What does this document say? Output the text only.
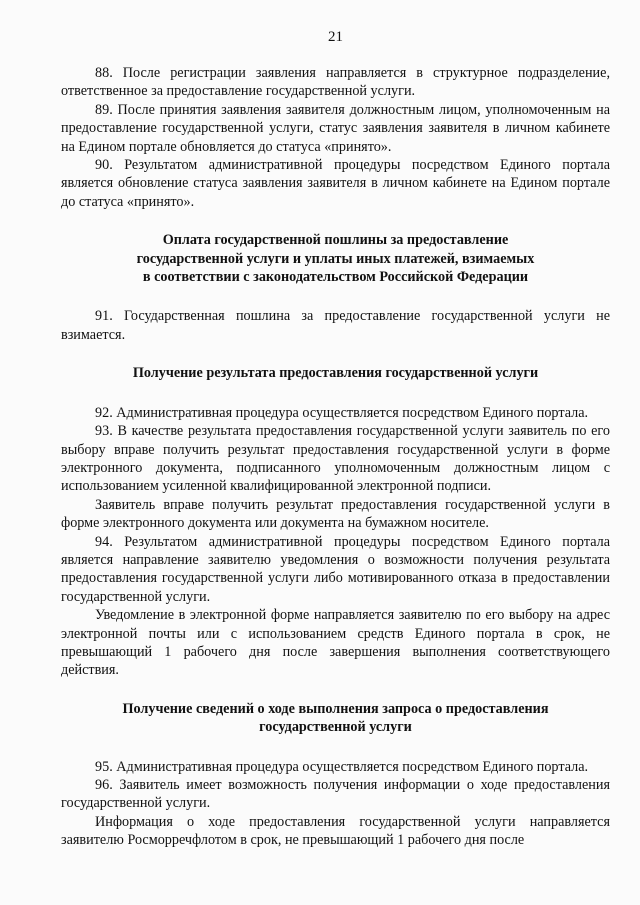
21

88. После регистрации заявления направляется в структурное подразделение, ответственное за предоставление государственной услуги.

89. После принятия заявления заявителя должностным лицом, уполномоченным на предоставление государственной услуги, статус заявления заявителя в личном кабинете на Едином портале обновляется до статуса «принято».

90. Результатом административной процедуры посредством Единого портала является обновление статуса заявления заявителя в личном кабинете на Едином портале до статуса «принято».

Оплата государственной пошлины за предоставление
государственной услуги и уплаты иных платежей, взимаемых
в соответствии с законодательством Российской Федерации

91. Государственная пошлина за предоставление государственной услуги не взимается.

Получение результата предоставления государственной услуги

92. Административная процедура осуществляется посредством Единого портала.

93. В качестве результата предоставления государственной услуги заявитель по его выбору вправе получить результат предоставления государственной услуги в форме электронного документа, подписанного уполномоченным должностным лицом с использованием усиленной квалифицированной электронной подписи.

Заявитель вправе получить результат предоставления государственной услуги в форме электронного документа или документа на бумажном носителе.

94. Результатом административной процедуры посредством Единого портала является направление заявителю уведомления о возможности получения результата предоставления государственной услуги либо мотивированного отказа в предоставлении государственной услуги.

Уведомление в электронной форме направляется заявителю по его выбору на адрес электронной почты или с использованием средств Единого портала в срок, не превышающий 1 рабочего дня после завершения выполнения соответствующего действия.

Получение сведений о ходе выполнения запроса о предоставления
государственной услуги

95. Административная процедура осуществляется посредством Единого портала.

96. Заявитель имеет возможность получения информации о ходе предоставления государственной услуги.

Информация о ходе предоставления государственной услуги направляется заявителю Росморречфлотом в срок, не превышающий 1 рабочего дня после
